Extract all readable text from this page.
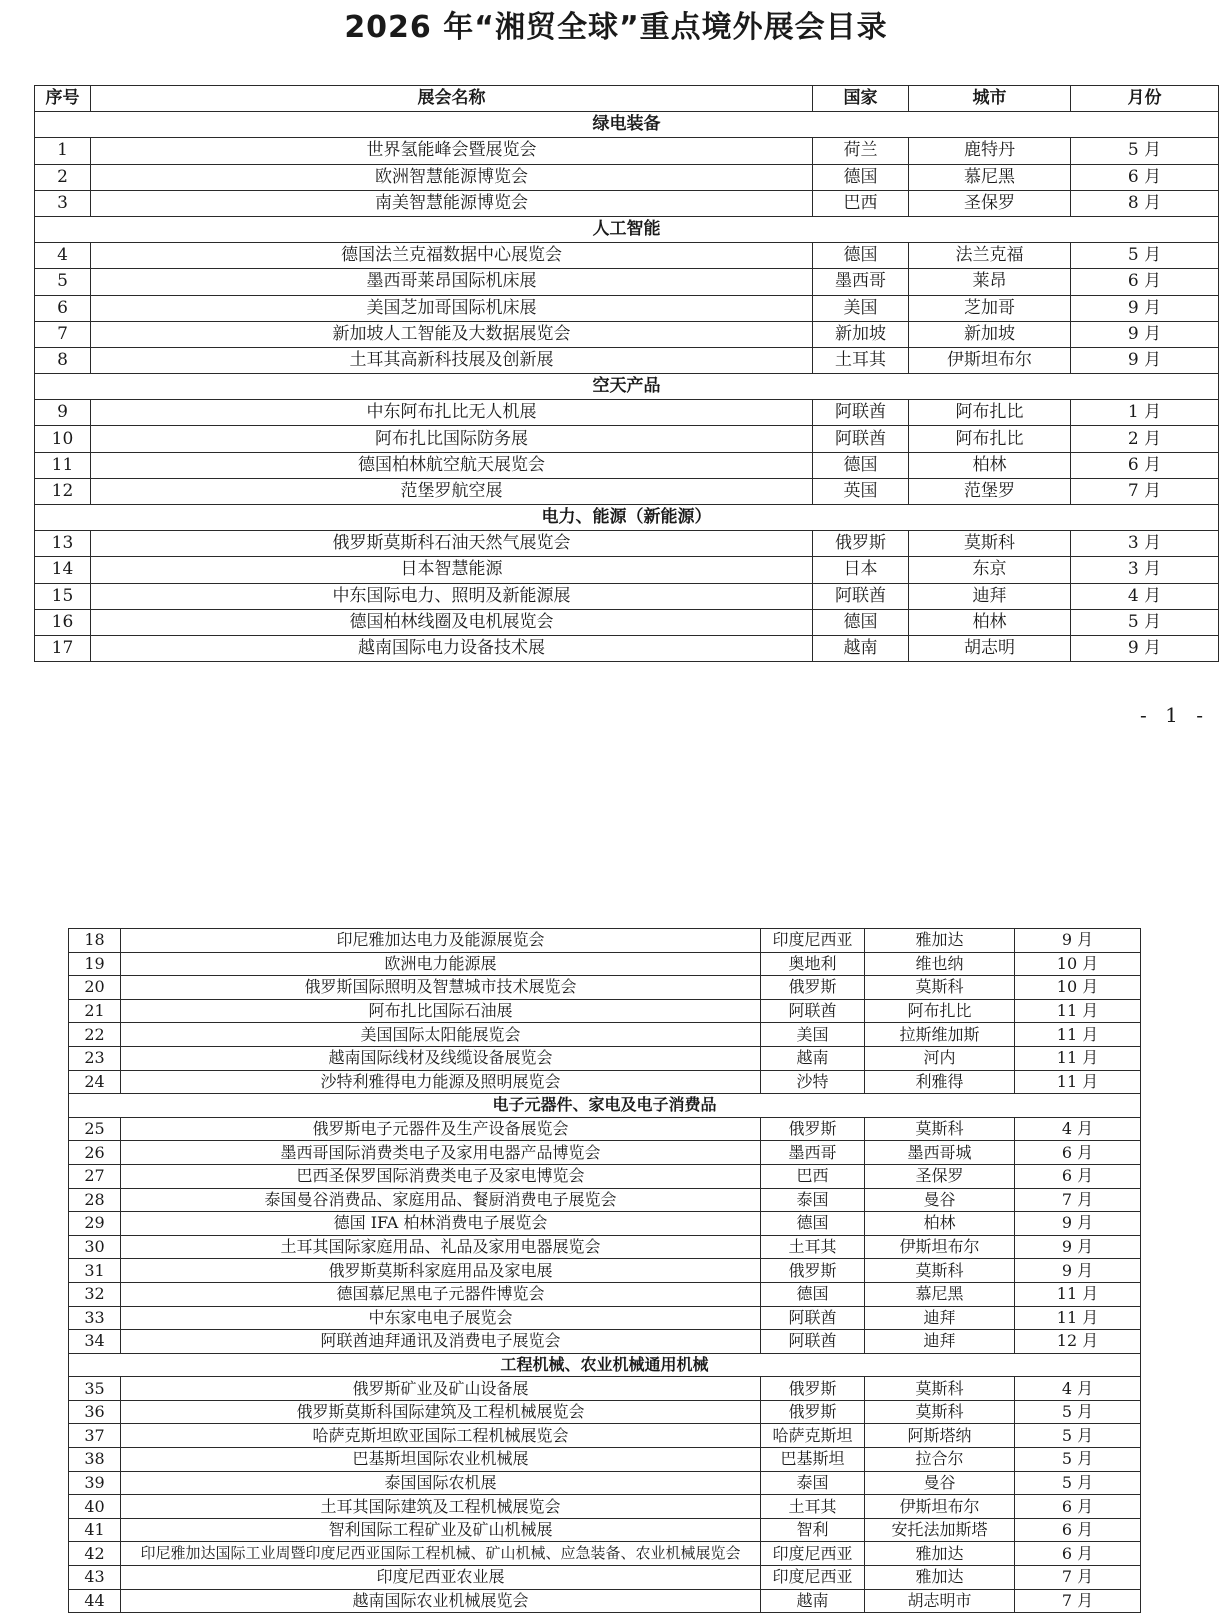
2026 年“湘贸全球”重点境外展会目录
序号	展会名称	国家	城市	月份
绿电装备				
1	世界氢能峰会暨展览会	荷兰	鹿特丹	5 月
2	欧洲智慧能源博览会	德国	慕尼黑	6 月
3	南美智慧能源博览会	巴西	圣保罗	8 月
人工智能				
4	德国法兰克福数据中心展览会	德国	法兰克福	5 月
5	墨西哥莱昂国际机床展	墨西哥	莱昂	6 月
6	美国芝加哥国际机床展	美国	芝加哥	9 月
7	新加坡人工智能及大数据展览会	新加坡	新加坡	9 月
8	土耳其高新科技展及创新展	土耳其	伊斯坦布尔	9 月
空天产品				
9	中东阿布扎比无人机展	阿联酋	阿布扎比	1 月
10	阿布扎比国际防务展	阿联酋	阿布扎比	2 月
11	德国柏林航空航天展览会	德国	柏林	6 月
12	范堡罗航空展	英国	范堡罗	7 月
电力、能源（新能源）				
13	俄罗斯莫斯科石油天然气展览会	俄罗斯	莫斯科	3 月
14	日本智慧能源	日本	东京	3 月
15	中东国际电力、照明及新能源展	阿联酋	迪拜	4 月
16	德国柏林线圈及电机展览会	德国	柏林	5 月
17	越南国际电力设备技术展	越南	胡志明	9 月
- 1 -
18	印尼雅加达电力及能源展览会	印度尼西亚	雅加达	9 月
19	欧洲电力能源展	奥地利	维也纳	10 月
20	俄罗斯国际照明及智慧城市技术展览会	俄罗斯	莫斯科	10 月
21	阿布扎比国际石油展	阿联酋	阿布扎比	11 月
22	美国国际太阳能展览会	美国	拉斯维加斯	11 月
23	越南国际线材及线缆设备展览会	越南	河内	11 月
24	沙特利雅得电力能源及照明展览会	沙特	利雅得	11 月
电子元器件、家电及电子消费品				
25	俄罗斯电子元器件及生产设备展览会	俄罗斯	莫斯科	4 月
26	墨西哥国际消费类电子及家用电器产品博览会	墨西哥	墨西哥城	6 月
27	巴西圣保罗国际消费类电子及家电博览会	巴西	圣保罗	6 月
28	泰国曼谷消费品、家庭用品、餐厨消费电子展览会	泰国	曼谷	7 月
29	德国 IFA 柏林消费电子展览会	德国	柏林	9 月
30	土耳其国际家庭用品、礼品及家用电器展览会	土耳其	伊斯坦布尔	9 月
31	俄罗斯莫斯科家庭用品及家电展	俄罗斯	莫斯科	9 月
32	德国慕尼黑电子元器件博览会	德国	慕尼黑	11 月
33	中东家电电子展览会	阿联酋	迪拜	11 月
34	阿联酋迪拜通讯及消费电子展览会	阿联酋	迪拜	12 月
工程机械、农业机械通用机械				
35	俄罗斯矿业及矿山设备展	俄罗斯	莫斯科	4 月
36	俄罗斯莫斯科国际建筑及工程机械展览会	俄罗斯	莫斯科	5 月
37	哈萨克斯坦欧亚国际工程机械展览会	哈萨克斯坦	阿斯塔纳	5 月
38	巴基斯坦国际农业机械展	巴基斯坦	拉合尔	5 月
39	泰国国际农机展	泰国	曼谷	5 月
40	土耳其国际建筑及工程机械展览会	土耳其	伊斯坦布尔	6 月
41	智利国际工程矿业及矿山机械展	智利	安托法加斯塔	6 月
42	印尼雅加达国际工业周暨印度尼西亚国际工程机械、矿山机械、应急装备、农业机械展览会	印度尼西亚	雅加达	6 月
43	印度尼西亚农业展	印度尼西亚	雅加达	7 月
44	越南国际农业机械展览会	越南	胡志明市	7 月
